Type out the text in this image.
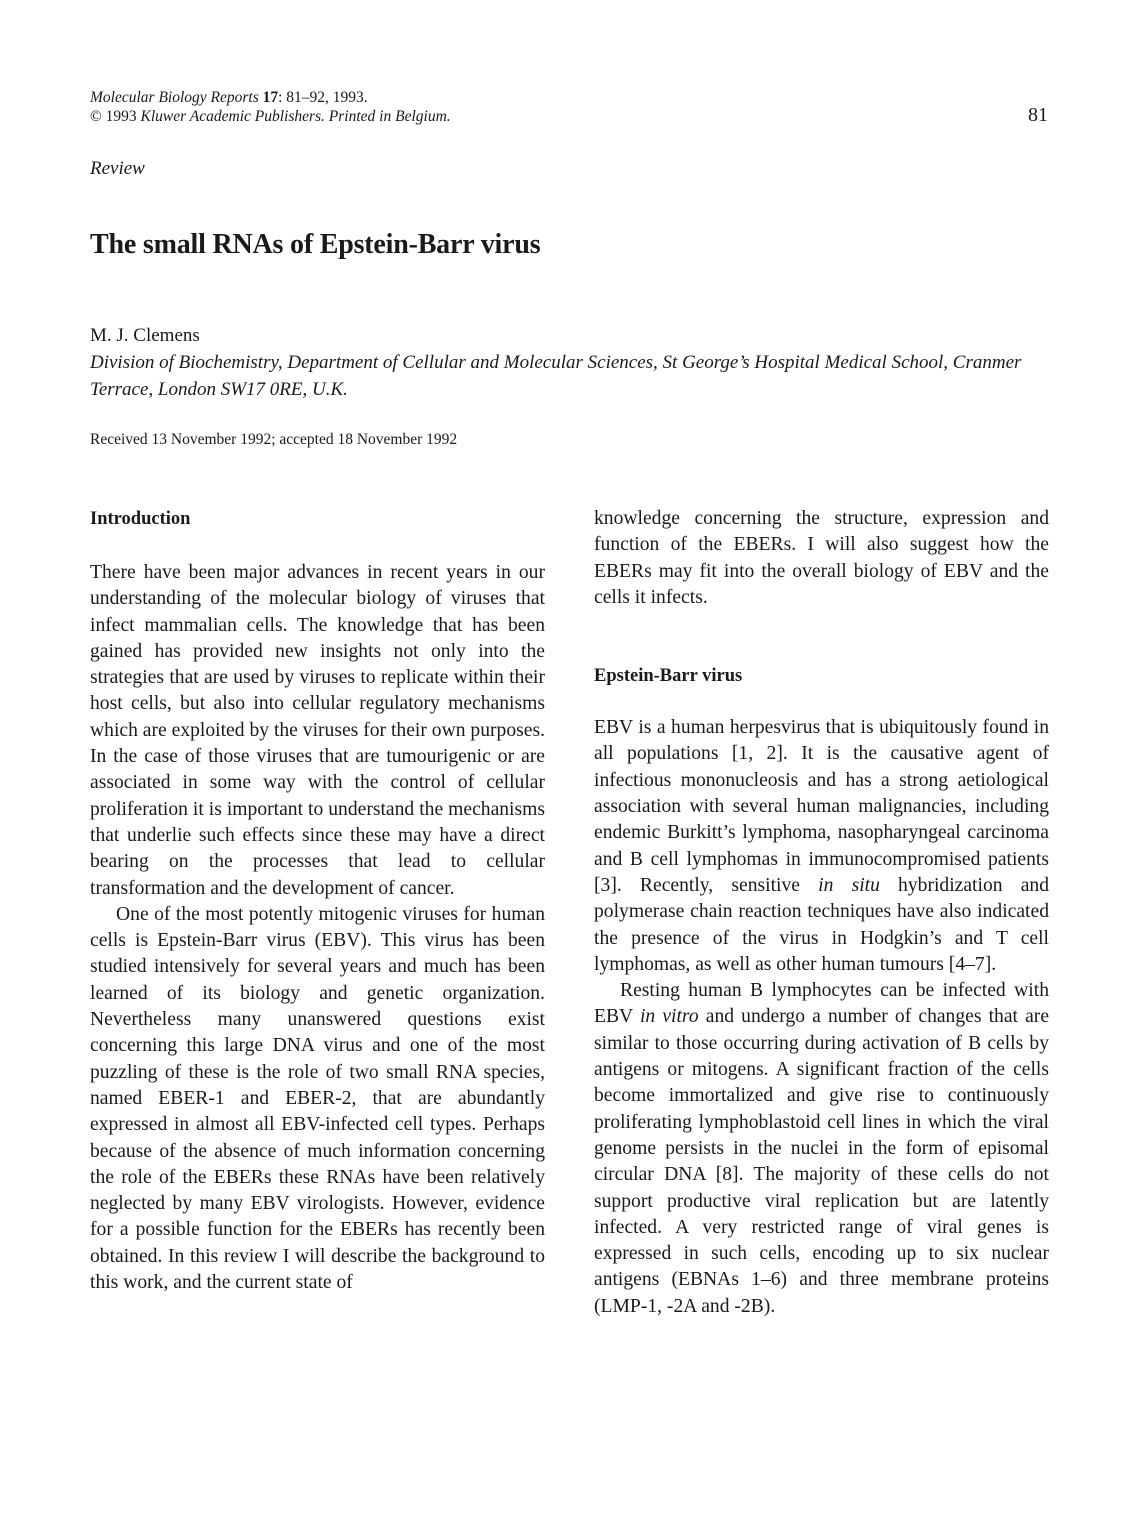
Molecular Biology Reports 17: 81–92, 1993.
© 1993 Kluwer Academic Publishers. Printed in Belgium.	81
Review
The small RNAs of Epstein-Barr virus
M. J. Clemens
Division of Biochemistry, Department of Cellular and Molecular Sciences, St George’s Hospital Medical School, Cranmer Terrace, London SW17 0RE, U.K.
Received 13 November 1992; accepted 18 November 1992
Introduction

There have been major advances in recent years in our understanding of the molecular biology of viruses that infect mammalian cells. The knowledge that has been gained has provided new insights not only into the strategies that are used by viruses to replicate within their host cells, but also into cellular regulatory mechanisms which are exploited by the viruses for their own purposes. In the case of those viruses that are tumourigenic or are associated in some way with the control of cellular proliferation it is important to understand the mechanisms that underlie such effects since these may have a direct bearing on the processes that lead to cellular transformation and the development of cancer.

One of the most potently mitogenic viruses for human cells is Epstein-Barr virus (EBV). This virus has been studied intensively for several years and much has been learned of its biology and genetic organization. Nevertheless many unanswered questions exist concerning this large DNA virus and one of the most puzzling of these is the role of two small RNA species, named EBER-1 and EBER-2, that are abundantly expressed in almost all EBV-infected cell types. Perhaps because of the absence of much information concerning the role of the EBERs these RNAs have been relatively neglected by many EBV virologists. However, evidence for a possible function for the EBERs has recently been obtained. In this review I will describe the background to this work, and the current state of

knowledge concerning the structure, expression and function of the EBERs. I will also suggest how the EBERs may fit into the overall biology of EBV and the cells it infects.

Epstein-Barr virus

EBV is a human herpesvirus that is ubiquitously found in all populations [1, 2]. It is the causative agent of infectious mononucleosis and has a strong aetiological association with several human malignancies, including endemic Burkitt’s lymphoma, nasopharyngeal carcinoma and B cell lymphomas in immunocompromised patients [3]. Recently, sensitive in situ hybridization and polymerase chain reaction techniques have also indicated the presence of the virus in Hodgkin’s and T cell lymphomas, as well as other human tumours [4–7].

Resting human B lymphocytes can be infected with EBV in vitro and undergo a number of changes that are similar to those occurring during activation of B cells by antigens or mitogens. A significant fraction of the cells become immortalized and give rise to continuously proliferating lymphoblastoid cell lines in which the viral genome persists in the nuclei in the form of episomal circular DNA [8]. The majority of these cells do not support productive viral replication but are latently infected. A very restricted range of viral genes is expressed in such cells, encoding up to six nuclear antigens (EBNAs 1–6) and three membrane proteins (LMP-1, -2A and -2B).
